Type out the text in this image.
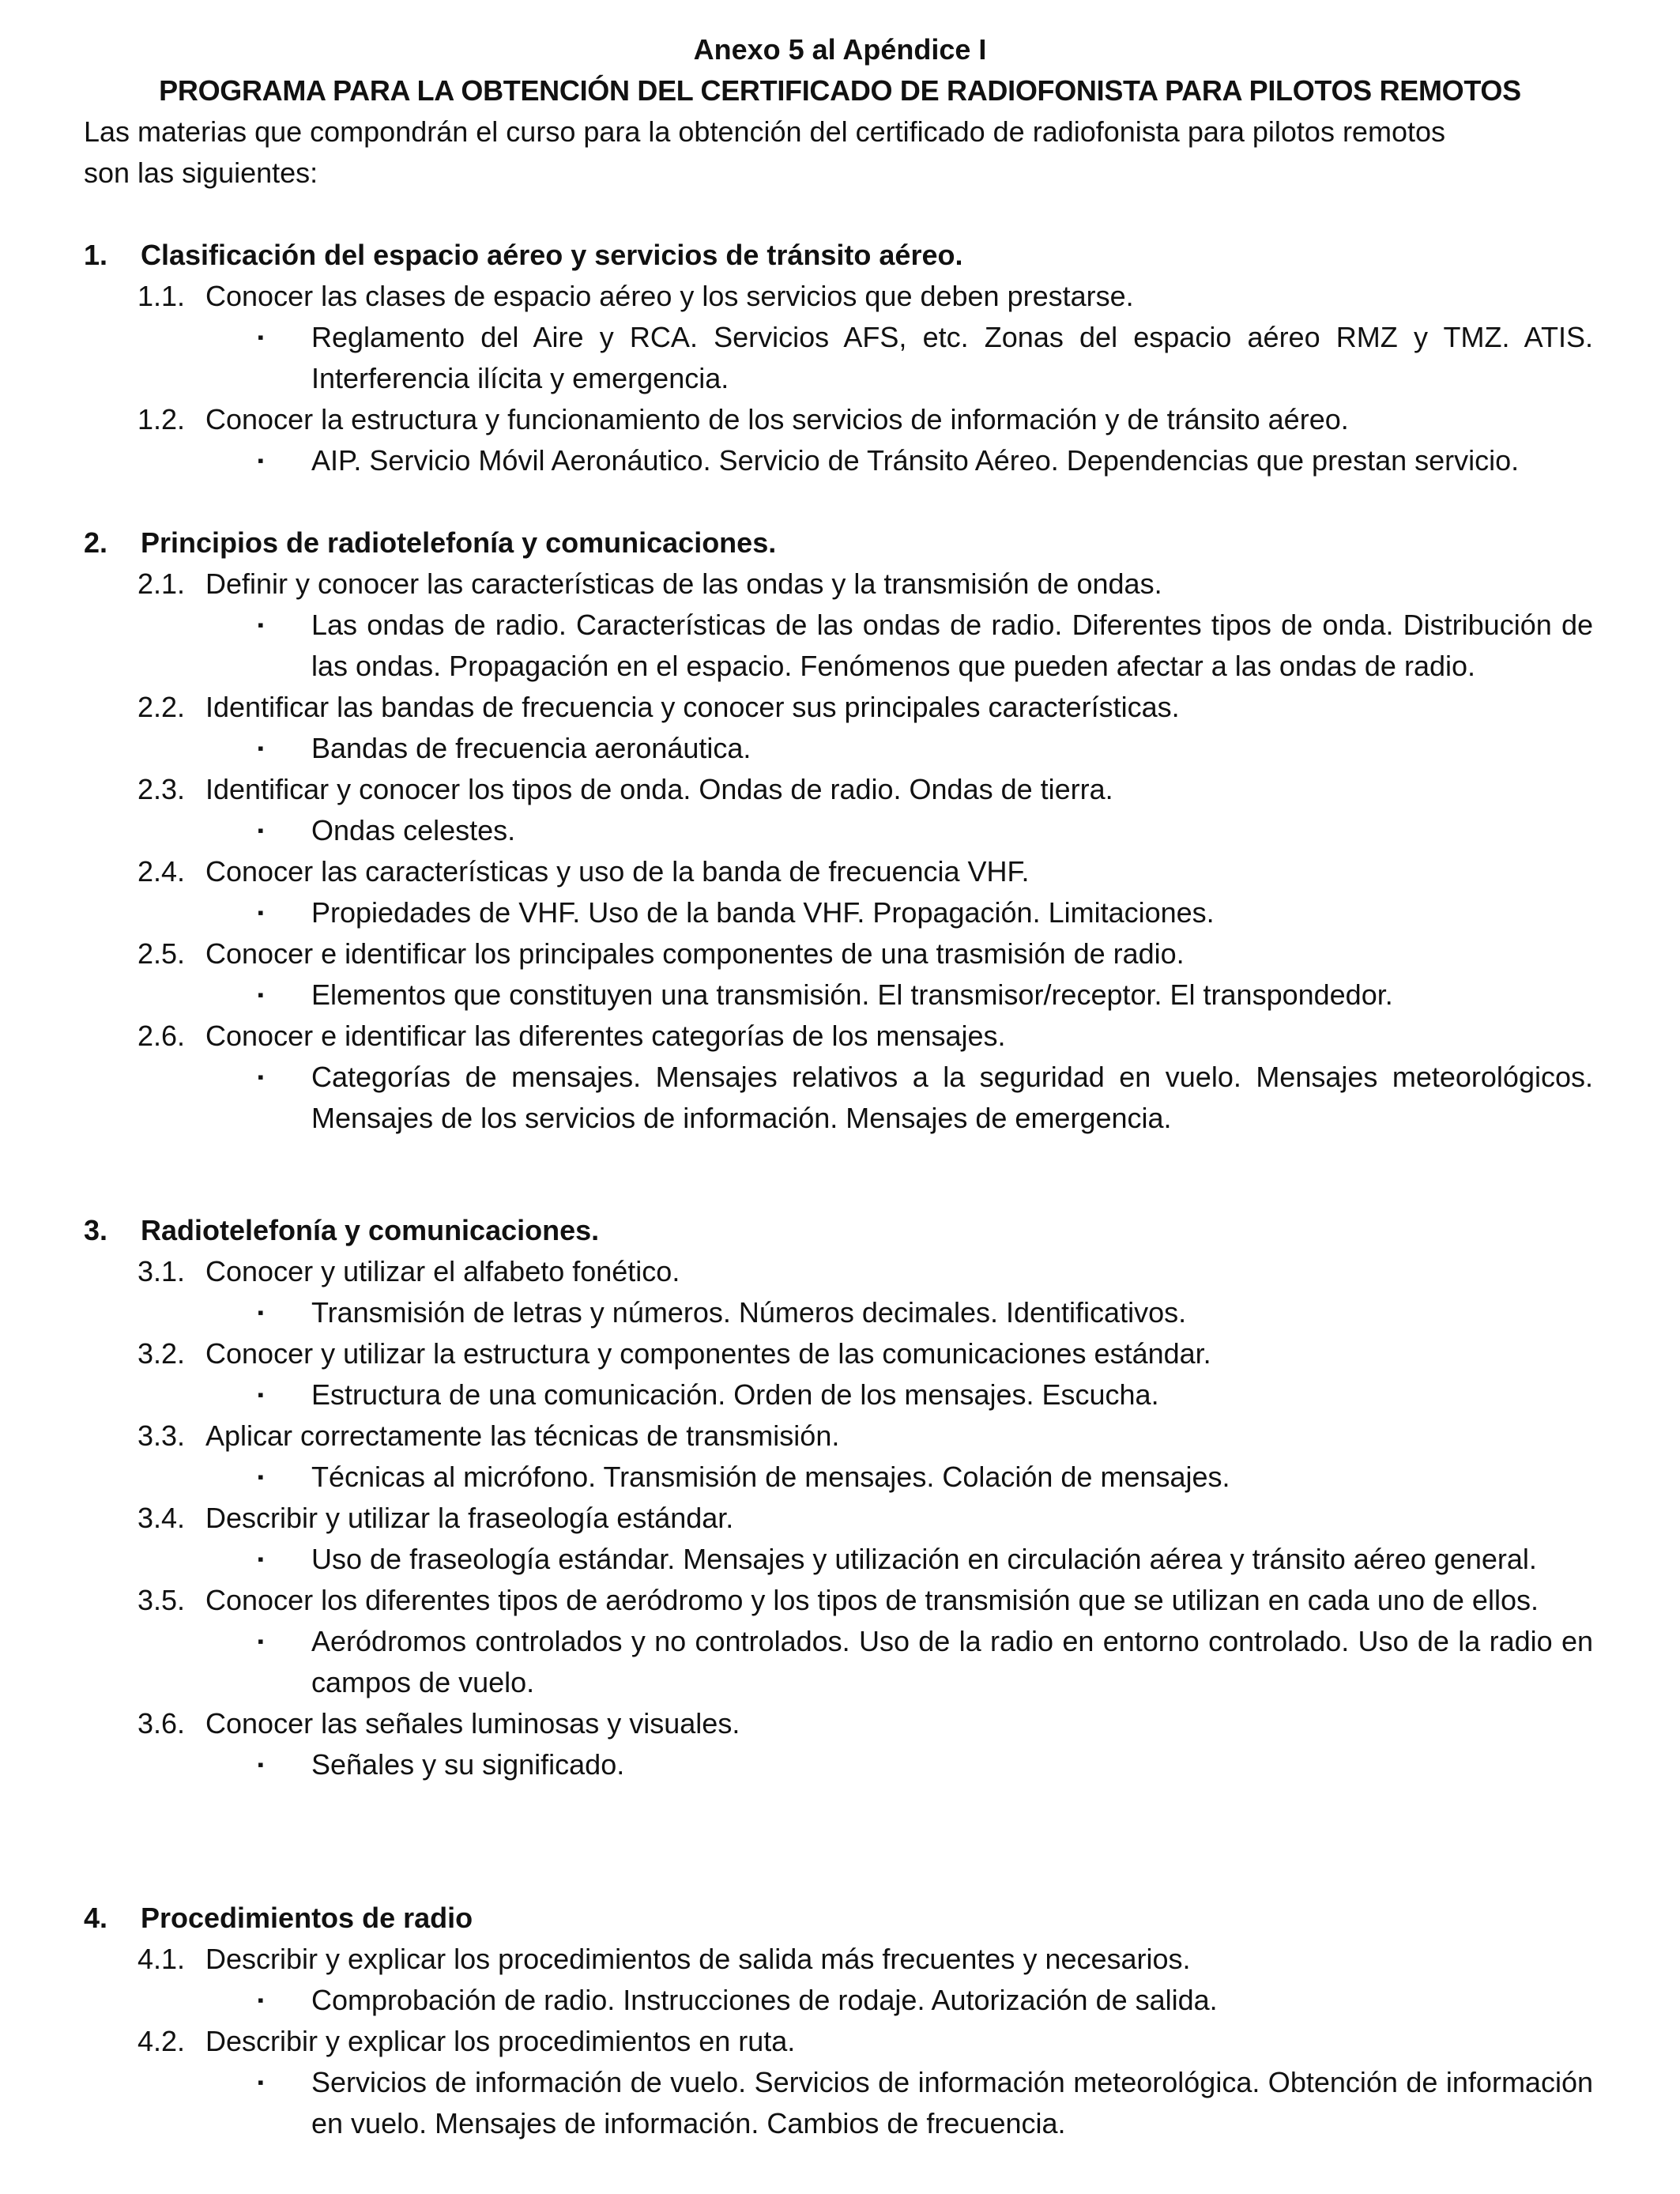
Anexo 5 al Apéndice I
PROGRAMA PARA LA OBTENCIÓN DEL CERTIFICADO DE RADIOFONISTA PARA PILOTOS REMOTOS

Las materias que compondrán el curso para la obtención del certificado de radiofonista para pilotos remotos

son las siguientes:

1.	Clasificación del espacio aéreo y servicios de tránsito aéreo.
1.1. Conocer las clases de espacio aéreo y los servicios que deben prestarse.
▪	Reglamento del Aire y RCA. Servicios AFS, etc. Zonas del espacio aéreo RMZ y TMZ. ATIS. Interferencia ilícita y emergencia.
1.2. Conocer la estructura y funcionamiento de los servicios de información y de tránsito aéreo.
▪	AIP. Servicio Móvil Aeronáutico. Servicio de Tránsito Aéreo. Dependencias que prestan servicio.
2.	Principios de radiotelefonía y comunicaciones.
2.1. Definir y conocer las características de las ondas y la transmisión de ondas.
▪	Las ondas de radio. Características de las ondas de radio. Diferentes tipos de onda. Distribución de las ondas. Propagación en el espacio. Fenómenos que pueden afectar a las ondas de radio.
2.2. Identificar las bandas de frecuencia y conocer sus principales características.
▪	Bandas de frecuencia aeronáutica.
2.3. Identificar y conocer los tipos de onda. Ondas de radio. Ondas de tierra.
▪	Ondas celestes.
2.4. Conocer las características y uso de la banda de frecuencia VHF.
▪	Propiedades de VHF. Uso de la banda VHF. Propagación. Limitaciones.
2.5. Conocer e identificar los principales componentes de una trasmisión de radio.
▪	Elementos que constituyen una transmisión. El transmisor/receptor. El transpondedor.
2.6. Conocer e identificar las diferentes categorías de los mensajes.
▪	Categorías de mensajes. Mensajes relativos a la seguridad en vuelo. Mensajes meteorológicos. Mensajes de los servicios de información. Mensajes de emergencia.
3.	Radiotelefonía y comunicaciones.
3.1. Conocer y utilizar el alfabeto fonético.
▪	Transmisión de letras y números. Números decimales. Identificativos.
3.2. Conocer y utilizar la estructura y componentes de las comunicaciones estándar.
▪	Estructura de una comunicación. Orden de los mensajes. Escucha.
3.3. Aplicar correctamente las técnicas de transmisión.
▪	Técnicas al micrófono. Transmisión de mensajes. Colación de mensajes.
3.4. Describir y utilizar la fraseología estándar.
▪	Uso de fraseología estándar. Mensajes y utilización en circulación aérea y tránsito aéreo general.
3.5. Conocer los diferentes tipos de aeródromo y los tipos de transmisión que se utilizan en cada uno de ellos.
▪	Aeródromos controlados y no controlados. Uso de la radio en entorno controlado. Uso de la radio en campos de vuelo.
3.6. Conocer las señales luminosas y visuales.
▪	Señales y su significado.
4.	Procedimientos de radio
4.1. Describir y explicar los procedimientos de salida más frecuentes y necesarios.
▪	Comprobación de radio. Instrucciones de rodaje. Autorización de salida.
4.2. Describir y explicar los procedimientos en ruta.
▪	Servicios de información de vuelo. Servicios de información meteorológica. Obtención de información en vuelo. Mensajes de información. Cambios de frecuencia.
